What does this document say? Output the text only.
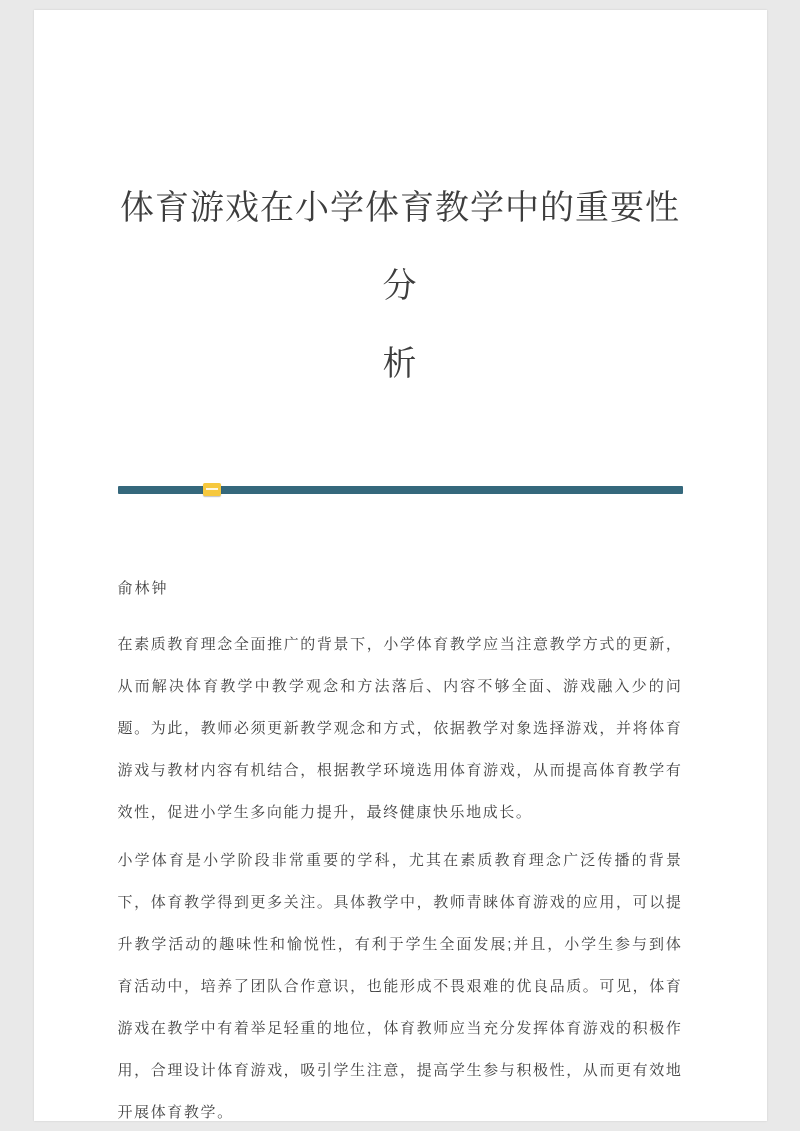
体育游戏在小学体育教学中的重要性分
析
俞林钟

在素质教育理念全面推广的背景下，小学体育教学应当注意教学方式的更新，从而解决体育教学中教学观念和方法落后、内容不够全面、游戏融入少的问题。为此，教师必须更新教学观念和方式，依据教学对象选择游戏，并将体育游戏与教材内容有机结合，根据教学环境选用体育游戏，从而提高体育教学有效性，促进小学生多向能力提升，最终健康快乐地成长。

小学体育是小学阶段非常重要的学科，尤其在素质教育理念广泛传播的背景下，体育教学得到更多关注。具体教学中，教师青睐体育游戏的应用，可以提升教学活动的趣味性和愉悦性，有利于学生全面发展;并且，小学生参与到体育活动中，培养了团队合作意识，也能形成不畏艰难的优良品质。可见，体育游戏在教学中有着举足轻重的地位，体育教师应当充分发挥体育游戏的积极作用，合理设计体育游戏，吸引学生注意，提高学生参与积极性，从而更有效地开展体育教学。
